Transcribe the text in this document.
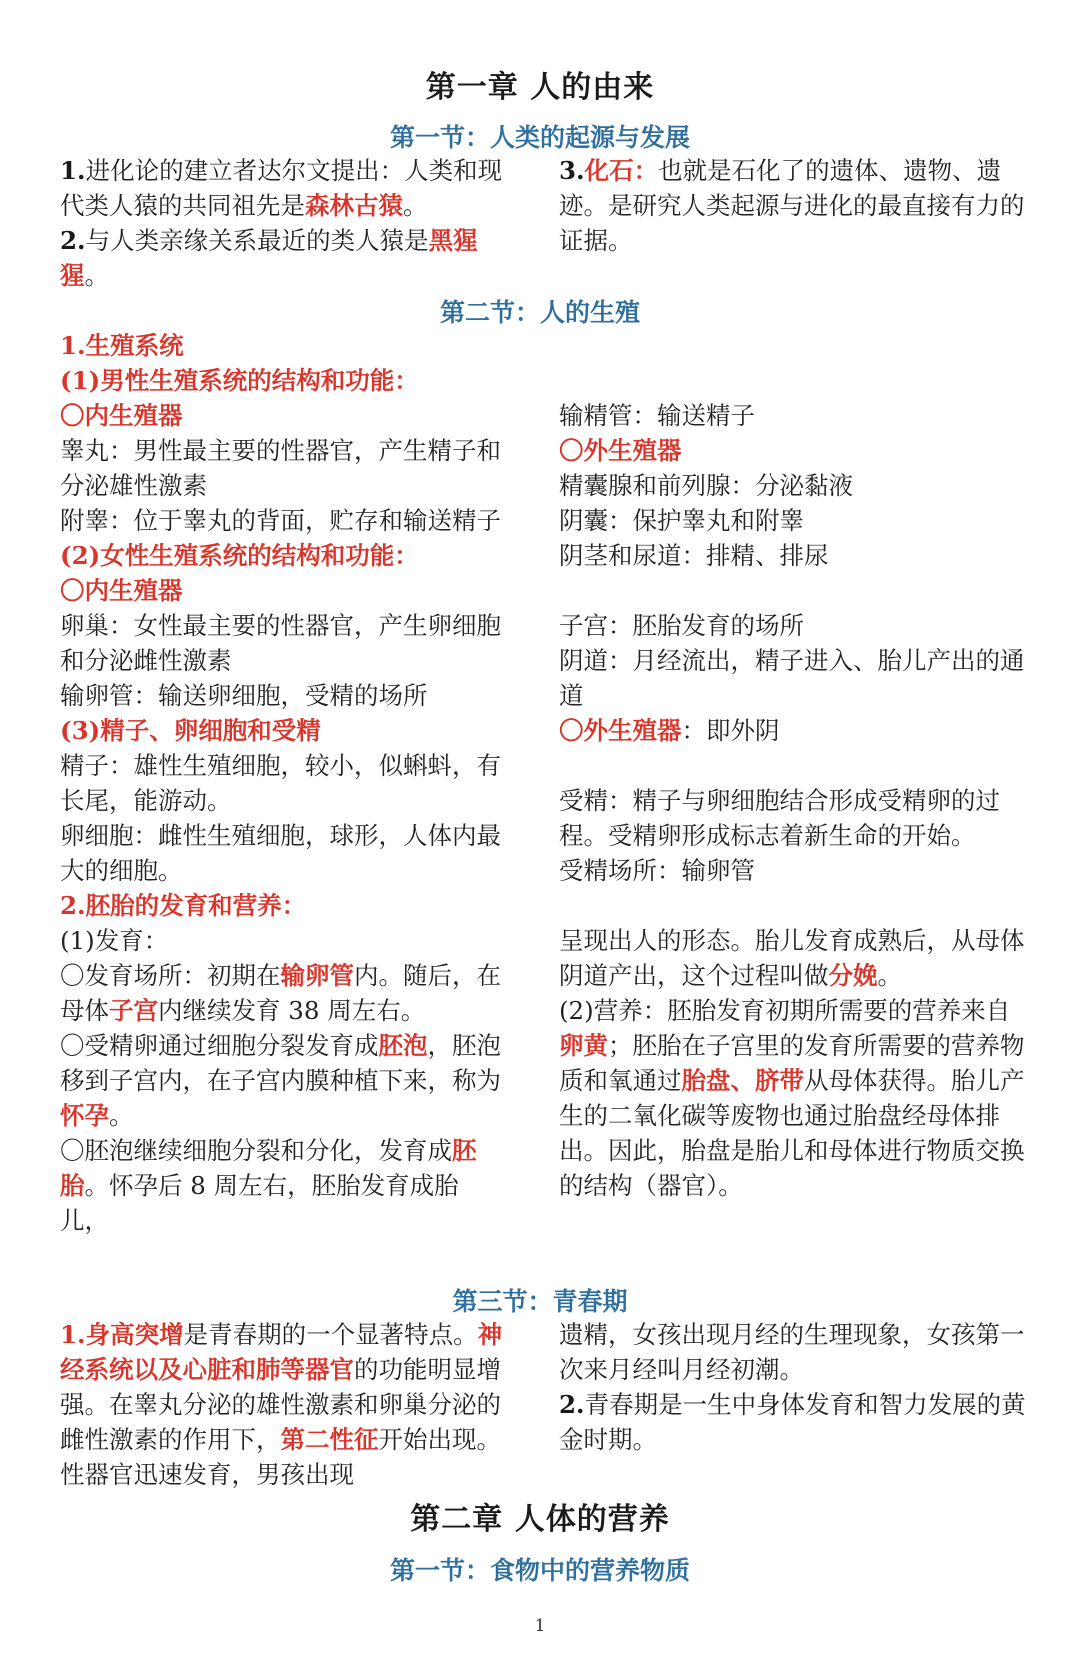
第一章 人的由来
第一节：人类的起源与发展

1.进化论的建立者达尔文提出：人类和现代类人猿的共同祖先是森林古猿。

2.与人类亲缘关系最近的类人猿是黑猩猩。

3.化石：也就是石化了的遗体、遗物、遗迹。是研究人类起源与进化的最直接有力的证据。

第二节：人的生殖

1.生殖系统

(1)男性生殖系统的结构和功能：

〇内生殖器

睾丸：男性最主要的性器官，产生精子和分泌雄性激素

附睾：位于睾丸的背面，贮存和输送精子

(2)女性生殖系统的结构和功能：

〇内生殖器

卵巢：女性最主要的性器官，产生卵细胞和分泌雌性激素

输卵管：输送卵细胞，受精的场所

(3)精子、卵细胞和受精

精子：雄性生殖细胞，较小，似蝌蚪，有长尾，能游动。

卵细胞：雌性生殖细胞，球形，人体内最大的细胞。

2.胚胎的发育和营养：

(1)发育：

〇发育场所：初期在输卵管内。随后，在母体子宫内继续发育 38 周左右。

〇受精卵通过细胞分裂发育成胚泡，胚泡移到子宫内，在子宫内膜种植下来，称为怀孕。

〇胚泡继续细胞分裂和分化，发育成胚胎。怀孕后 8 周左右，胚胎发育成胎儿，

输精管：输送精子

〇外生殖器

精囊腺和前列腺：分泌黏液

阴囊：保护睾丸和附睾

阴茎和尿道：排精、排尿

子宫：胚胎发育的场所

阴道：月经流出，精子进入、胎儿产出的通道

〇外生殖器：即外阴

受精：精子与卵细胞结合形成受精卵的过程。受精卵形成标志着新生命的开始。

受精场所：输卵管

呈现出人的形态。胎儿发育成熟后，从母体阴道产出，这个过程叫做分娩。

(2)营养：胚胎发育初期所需要的营养来自卵黄；胚胎在子宫里的发育所需要的营养物质和氧通过胎盘、脐带从母体获得。胎儿产生的二氧化碳等废物也通过胎盘经母体排出。因此，胎盘是胎儿和母体进行物质交换的结构（器官）。

第三节：青春期

1.身高突增是青春期的一个显著特点。神经系统以及心脏和肺等器官的功能明显增强。在睾丸分泌的雄性激素和卵巢分泌的雌性激素的作用下，第二性征开始出现。性器官迅速发育，男孩出现

遗精，女孩出现月经的生理现象，女孩第一次来月经叫月经初潮。

2.青春期是一生中身体发育和智力发展的黄金时期。

第二章 人体的营养
第一节：食物中的营养物质
1
